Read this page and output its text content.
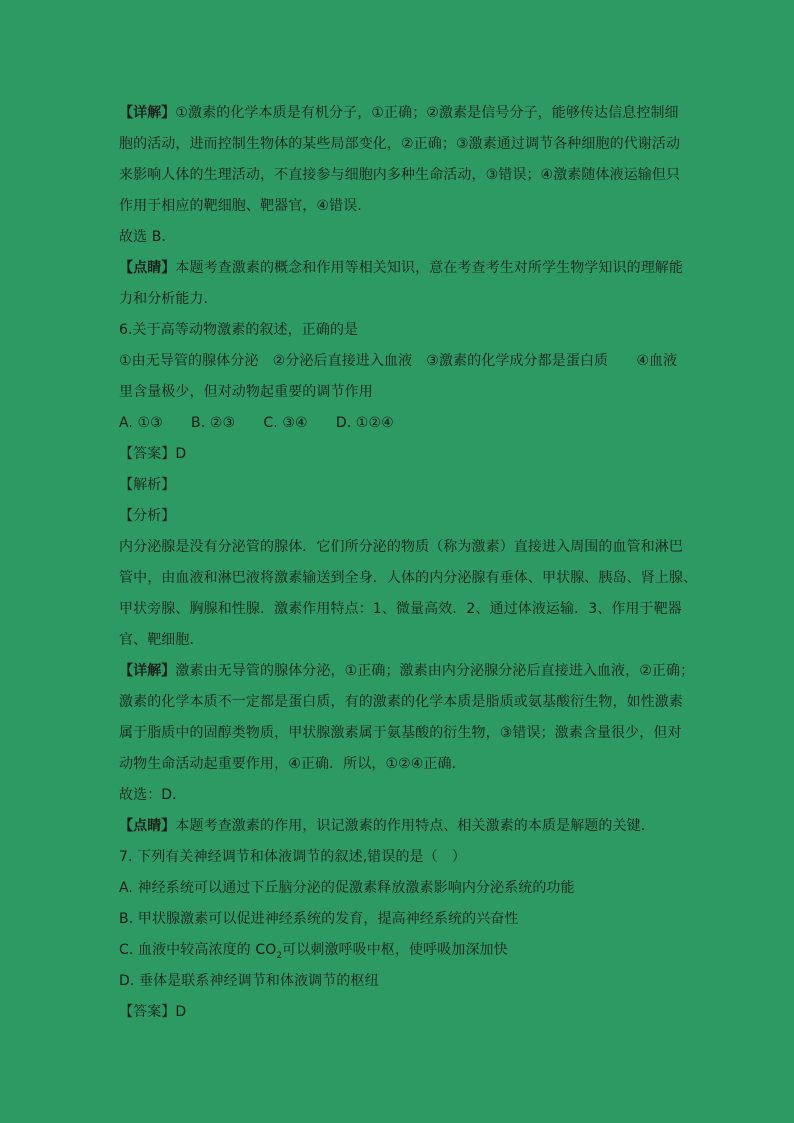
【详解】①激素的化学本质是有机分子，①正确；②激素是信号分子，能够传达信息控制细
胞的活动，进而控制生物体的某些局部变化，②正确；③激素通过调节各种细胞的代谢活动
来影响人体的生理活动，不直接参与细胞内多种生命活动，③错误；④激素随体液运输但只
作用于相应的靶细胞、靶器官，④错误．
故选 B．
【点睛】本题考查激素的概念和作用等相关知识，意在考查考生对所学生物学知识的理解能
力和分析能力．
6.关于高等动物激素的叙述，正确的是
①由无导管的腺体分泌　②分泌后直接进入血液　③激素的化学成分都是蛋白质　　④血液
里含量极少，但对动物起重要的调节作用
A. ①③　　B. ②③　　C. ③④　　D. ①②④
【答案】D
【解析】
【分析】
内分泌腺是没有分泌管的腺体．它们所分泌的物质（称为激素）直接进入周围的血管和淋巴
管中，由血液和淋巴液将激素输送到全身．人体的内分泌腺有垂体、甲状腺、胰岛、肾上腺、
甲状旁腺、胸腺和性腺．激素作用特点：1、微量高效．2、通过体液运输．3、作用于靶器
官、靶细胞．
【详解】激素由无导管的腺体分泌，①正确；激素由内分泌腺分泌后直接进入血液，②正确；
激素的化学本质不一定都是蛋白质，有的激素的化学本质是脂质或氨基酸衍生物，如性激素
属于脂质中的固醇类物质，甲状腺激素属于氨基酸的衍生物，③错误；激素含量很少，但对
动物生命活动起重要作用，④正确．所以，①②④正确．
故选：D．
【点睛】本题考查激素的作用，识记激素的作用特点、相关激素的本质是解题的关键．
7. 下列有关神经调节和体液调节的叙述,错误的是（　）
A. 神经系统可以通过下丘脑分泌的促激素释放激素影响内分泌系统的功能
B. 甲状腺激素可以促进神经系统的发育，提高神经系统的兴奋性
C. 血液中较高浓度的 $CO_2$可以刺激呼吸中枢，使呼吸加深加快
D. 垂体是联系神经调节和体液调节的枢纽
【答案】D
